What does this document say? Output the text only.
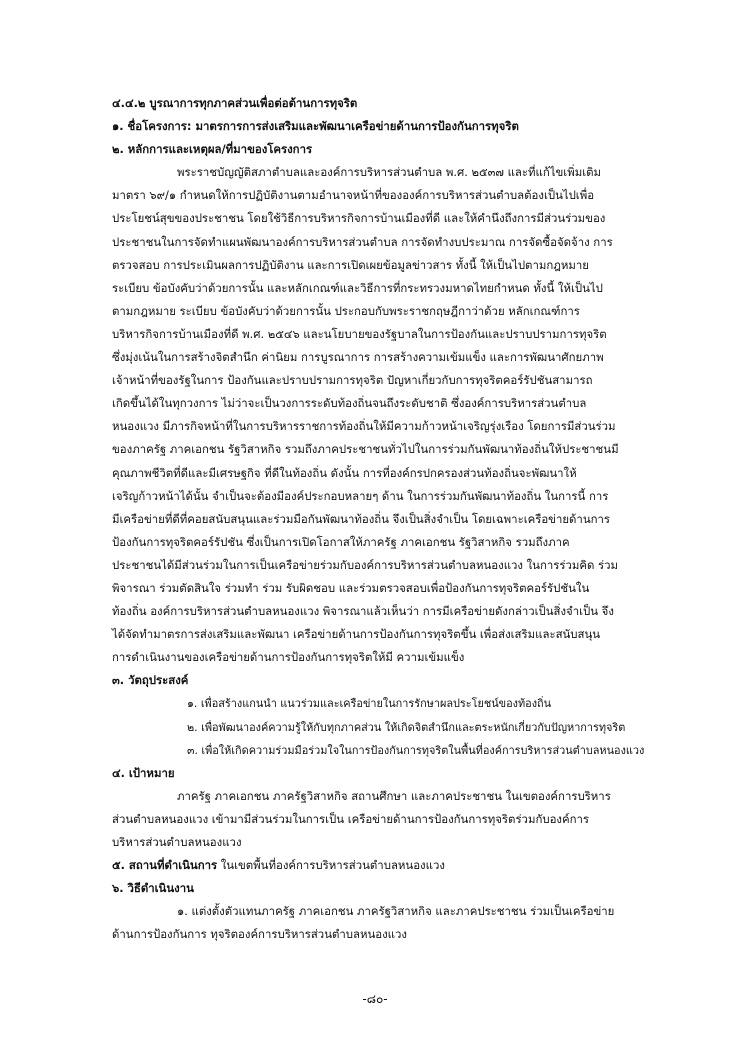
๔.๔.๒ บูรณาการทุกภาคส่วนเพื่อต่อต้านการทุจริต
๑. ชื่อโครงการ: มาตรการการส่งเสริมและพัฒนาเครือข่ายด้านการป้องกันการทุจริต
๒. หลักการและเหตุผล/ที่มาของโครงการ

พระราชบัญญัติสภาตำบลและองค์การบริหารส่วนตำบล พ.ศ. ๒๕๓๗ และที่แก้ไขเพิ่มเติม

มาตรา ๖๙/๑ กำหนดให้การปฏิบัติงานตามอำนาจหน้าที่ขององค์การบริหารส่วนตำบลต้องเป็นไปเพื่อ

ประโยชน์สุขของประชาชน โดยใช้วิธีการบริหารกิจการบ้านเมืองที่ดี และให้คำนึงถึงการมีส่วนร่วมของ

ประชาชนในการจัดทำแผนพัฒนาองค์การบริหารส่วนตำบล การจัดทำงบประมาณ การจัดซื้อจัดจ้าง การ

ตรวจสอบ การประเมินผลการปฏิบัติงาน และการเปิดเผยข้อมูลข่าวสาร ทั้งนี้ ให้เป็นไปตามกฎหมาย

ระเบียบ ข้อบังคับว่าด้วยการนั้น และหลักเกณฑ์และวิธีการที่กระทรวงมหาดไทยกำหนด ทั้งนี้ ให้เป็นไป

ตามกฎหมาย ระเบียบ ข้อบังคับว่าด้วยการนั้น ประกอบกับพระราชกฤษฎีกาว่าด้วย หลักเกณฑ์การ

บริหารกิจการบ้านเมืองที่ดี พ.ศ. ๒๕๔๖ และนโยบายของรัฐบาลในการป้องกันและปราบปรามการทุจริต

ซึ่งมุ่งเน้นในการสร้างจิตสำนึก ค่านิยม การบูรณาการ การสร้างความเข้มแข็ง และการพัฒนาศักยภาพ

เจ้าหน้าที่ของรัฐในการ ป้องกันและปราบปรามการทุจริต ปัญหาเกี่ยวกับการทุจริตคอร์รัปชันสามารถ

เกิดขึ้นได้ในทุกวงการ ไม่ว่าจะเป็นวงการระดับท้องถิ่นจนถึงระดับชาติ ซึ่งองค์การบริหารส่วนตำบล

หนองแวง มีภารกิจหน้าที่ในการบริหารราชการท้องถิ่นให้มีความก้าวหน้าเจริญรุ่งเรือง โดยการมีส่วนร่วม

ของภาครัฐ ภาคเอกชน รัฐวิสาหกิจ รวมถึงภาคประชาชนทั่วไปในการร่วมกันพัฒนาท้องถิ่นให้ประชาชนมี

คุณภาพชีวิตที่ดีและมีเศรษฐกิจ ที่ดีในท้องถิ่น ดังนั้น การที่องค์กรปกครองส่วนท้องถิ่นจะพัฒนาให้

เจริญก้าวหน้าได้นั้น จำเป็นจะต้องมีองค์ประกอบหลายๆ ด้าน ในการร่วมกันพัฒนาท้องถิ่น ในการนี้ การ

มีเครือข่ายที่ดีที่คอยสนับสนุนและร่วมมือกันพัฒนาท้องถิ่น จึงเป็นสิ่งจำเป็น โดยเฉพาะเครือข่ายด้านการ

ป้องกันการทุจริตคอร์รัปชัน ซึ่งเป็นการเปิดโอกาสให้ภาครัฐ ภาคเอกชน รัฐวิสาหกิจ รวมถึงภาค

ประชาชนได้มีส่วนร่วมในการเป็นเครือข่ายร่วมกับองค์การบริหารส่วนตำบลหนองแวง ในการร่วมคิด ร่วม

พิจารณา ร่วมตัดสินใจ ร่วมทำ ร่วม รับผิดชอบ และร่วมตรวจสอบเพื่อป้องกันการทุจริตคอร์รัปชันใน

ท้องถิ่น องค์การบริหารส่วนตำบลหนองแวง พิจารณาแล้วเห็นว่า การมีเครือข่ายดังกล่าวเป็นสิ่งจำเป็น จึง

ได้จัดทำมาตรการส่งเสริมและพัฒนา เครือข่ายด้านการป้องกันการทุจริตขึ้น เพื่อส่งเสริมและสนับสนุน

การดำเนินงานของเครือข่ายด้านการป้องกันการทุจริตให้มี ความเข้มแข็ง

๓. วัตถุประสงค์

๑. เพื่อสร้างแกนนำ แนวร่วมและเครือข่ายในการรักษาผลประโยชน์ของท้องถิ่น

๒. เพื่อพัฒนาองค์ความรู้ให้กับทุกภาคส่วน ให้เกิดจิตสำนึกและตระหนักเกี่ยวกับปัญหาการทุจริต

๓. เพื่อให้เกิดความร่วมมือร่วมใจในการป้องกันการทุจริตในพื้นที่องค์การบริหารส่วนตำบลหนองแวง

๔. เป้าหมาย

ภาครัฐ ภาคเอกชน ภาครัฐวิสาหกิจ สถานศึกษา และภาคประชาชน ในเขตองค์การบริหาร

ส่วนตำบลหนองแวง เข้ามามีส่วนร่วมในการเป็น เครือข่ายด้านการป้องกันการทุจริตร่วมกับองค์การ

บริหารส่วนตำบลหนองแวง

๕. สถานที่ดำเนินการ ในเขตพื้นที่องค์การบริหารส่วนตำบลหนองแวง
๖. วิธีดำเนินงาน

๑. แต่งตั้งตัวแทนภาครัฐ ภาคเอกชน ภาครัฐวิสาหกิจ และภาคประชาชน ร่วมเป็นเครือข่าย

ด้านการป้องกันการ ทุจริตองค์การบริหารส่วนตำบลหนองแวง

-๘๐-
